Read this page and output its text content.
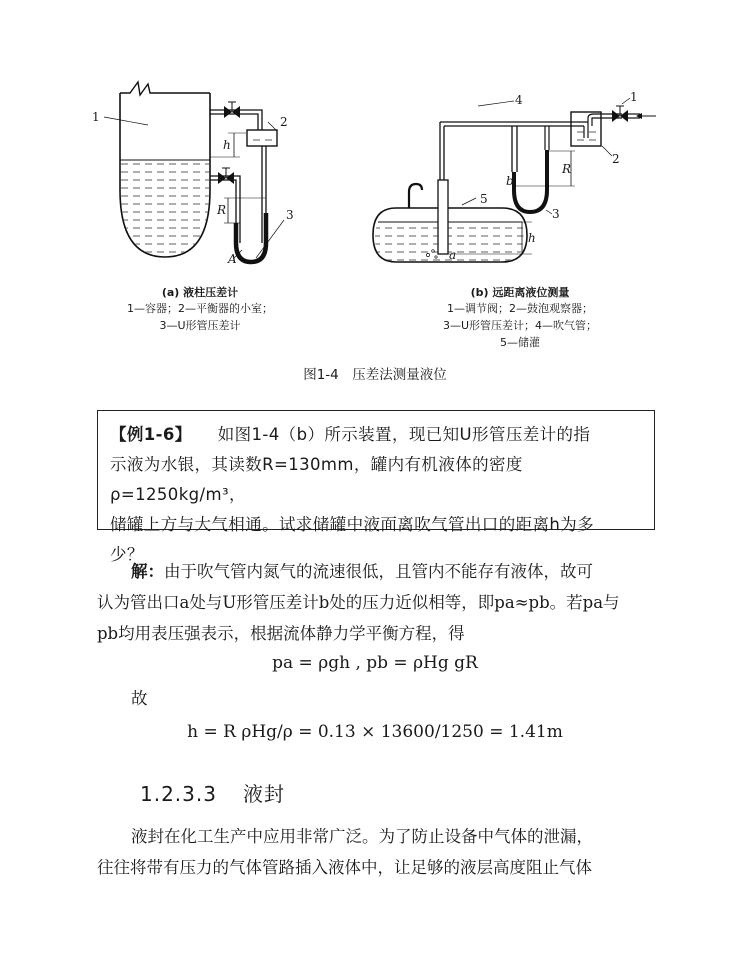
1	2
3
h
R
A
4	1
2
3
5
b
R
a
h
(a) 液柱压差计	(b) 远距离液位测量
1—容器；2—平衡器的小室；
3—U形管压差计
1—调节阀；2—鼓泡观察器；
3—U形管压差计；4—吹气管；
5—储灌
图1-4　压差法测量液位
【例1-6】 如图1-4（b）所示装置，现已知U形管压差计的指
示液为水银，其读数R=130mm，罐内有机液体的密度ρ=1250kg/m³，
储罐上方与大气相通。试求储罐中液面离吹气管出口的距离h为多
少？
解：由于吹气管内氮气的流速很低，且管内不能存有液体，故可
认为管出口a处与U形管压差计b处的压力近似相等，即pa≈pb。若pa与
pb均用表压强表示，根据流体静力学平衡方程，得
pa = ρgh , pb = ρHg gR
故
h = R ρHg/ρ = 0.13 × 13600/1250 = 1.41m
1.2.3.3 液封
液封在化工生产中应用非常广泛。为了防止设备中气体的泄漏，
往往将带有压力的气体管路插入液体中，让足够的液层高度阻止气体
